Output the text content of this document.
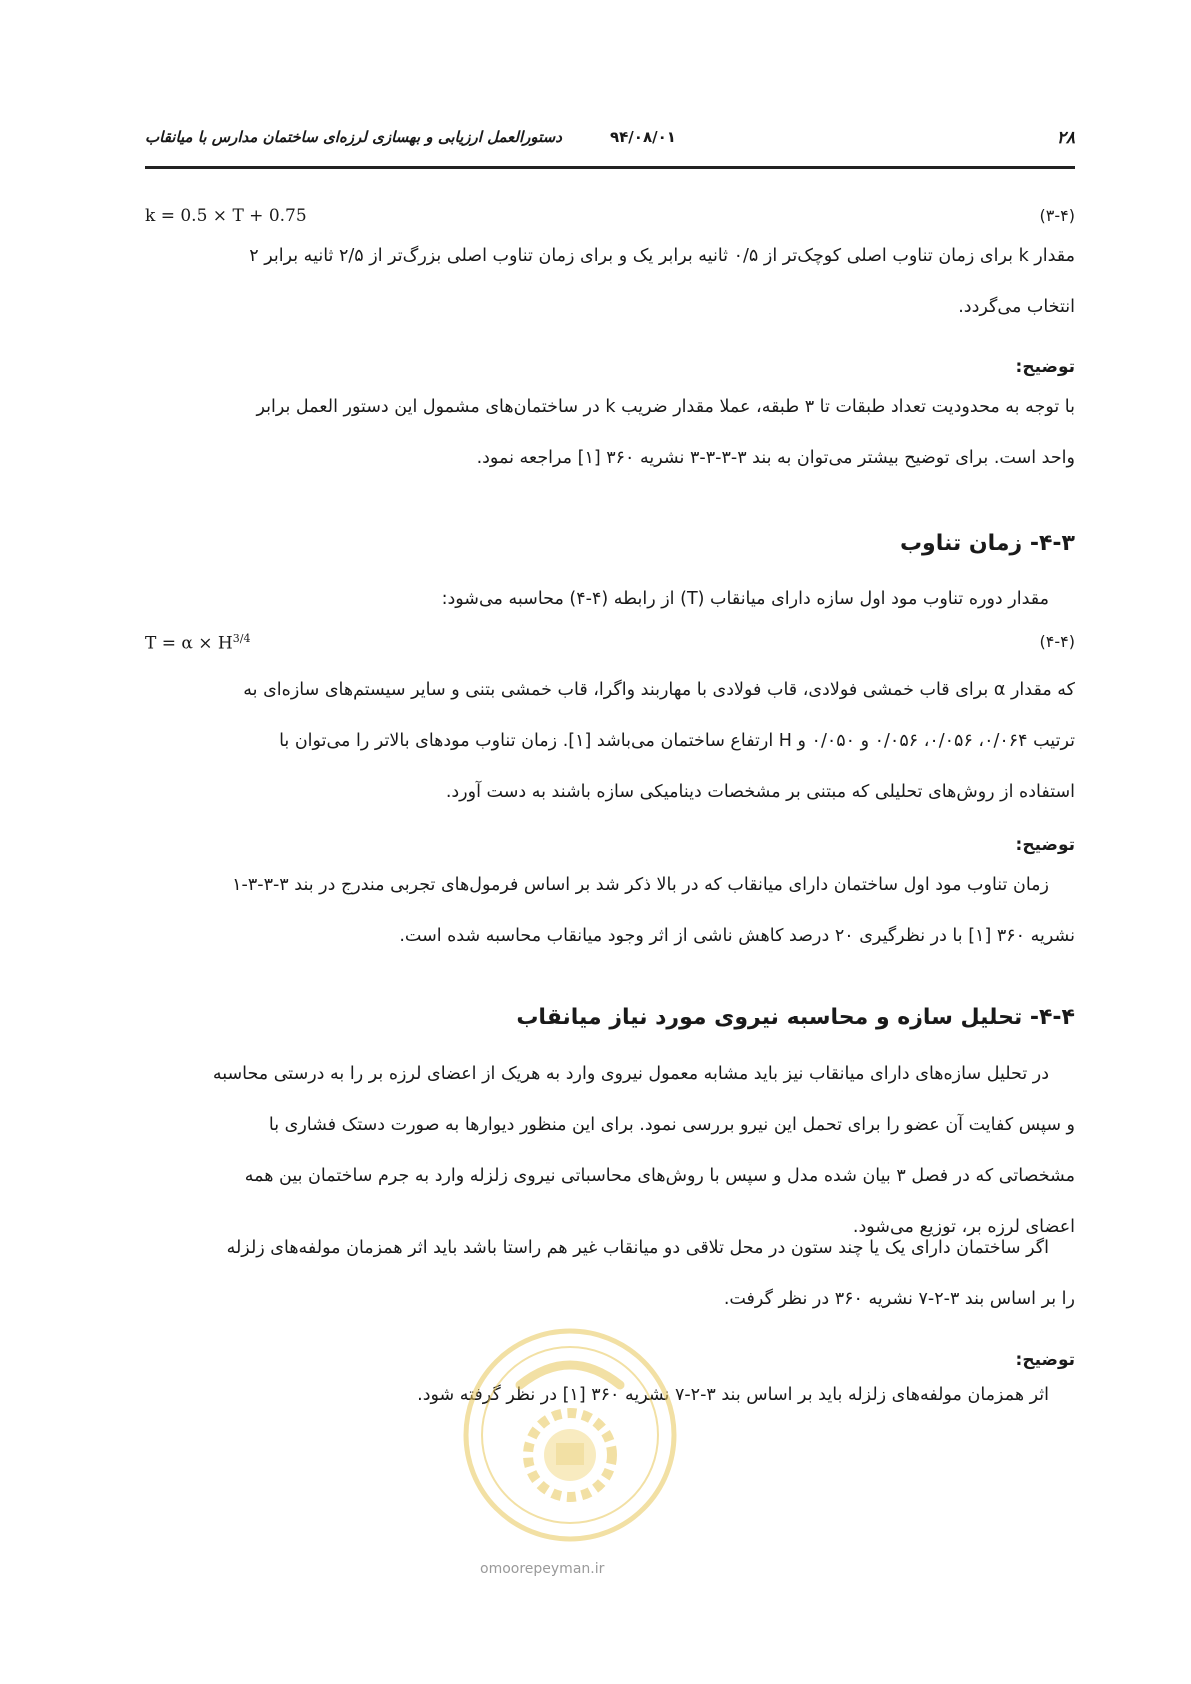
۲۸
دستورالعمل ارزیابی و بهسازی لرزه‌ای ساختمان مدارس با میانقاب	۹۴/۰۸/۰۱
k = 0.5 × T + 0.75	(۳-۴)
مقدار k برای زمان تناوب اصلی کوچک‌تر از ۰/۵ ثانیه برابر یک و برای زمان تناوب اصلی بزرگ‌تر از ۲/۵ ثانیه برابر ۲
انتخاب می‌گردد.
توضیح:
با توجه به محدودیت تعداد طبقات تا ۳ طبقه، عملا مقدار ضریب k در ساختمان‌های مشمول این دستور العمل برابر
واحد است. برای توضیح بیشتر می‌توان به بند ۳-۳-۳-۳ نشریه ۳۶۰ [۱] مراجعه نمود.
۴-۳- زمان تناوب
مقدار دوره تناوب مود اول سازه دارای میانقاب (T) از رابطه (۴-۴) محاسبه می‌شود:
$T = \alpha \times H^{3/4}$	(۴-۴)
که مقدار α برای قاب خمشی فولادی، قاب فولادی با مهاربند واگرا، قاب خمشی بتنی و سایر سیستم‌های سازه‌ای به
ترتیب ۰/۰۶۴، ۰/۰۵۶، ۰/۰۵۶ و ۰/۰۵۰ و H ارتفاع ساختمان می‌باشد [۱]. زمان تناوب مودهای بالاتر را می‌توان با
استفاده از روش‌های تحلیلی که مبتنی بر مشخصات دینامیکی سازه باشند به دست آورد.
توضیح:
زمان تناوب مود اول ساختمان دارای میانقاب که در بالا ذکر شد بر اساس فرمول‌های تجربی مندرج در بند ۳-۳-۳-۱
نشریه ۳۶۰ [۱] با در نظرگیری ۲۰ درصد کاهش ناشی از اثر وجود میانقاب محاسبه شده است.
۴-۴- تحلیل سازه و محاسبه نیروی مورد نیاز میانقاب
در تحلیل سازه‌های دارای میانقاب نیز باید مشابه معمول نیروی وارد به هریک از اعضای لرزه بر را به درستی محاسبه
و سپس کفایت آن عضو را برای تحمل این نیرو بررسی نمود. برای این منظور دیوارها به صورت دستک فشاری با
مشخصاتی که در فصل ۳ بیان شده مدل و سپس با روش‌های محاسباتی نیروی زلزله وارد به جرم ساختمان بین همه
اعضای لرزه بر، توزیع می‌شود.
اگر ساختمان دارای یک یا چند ستون در محل تلاقی دو میانقاب غیر هم راستا باشد باید اثر همزمان مولفه‌های زلزله
را بر اساس بند ۳-۲-۷ نشریه ۳۶۰ در نظر گرفت.
توضیح:
اثر همزمان مولفه‌های زلزله باید بر اساس بند ۳-۲-۷ نشریه ۳۶۰ [۱] در نظر گرفته شود.
omoorepeyman.ir
